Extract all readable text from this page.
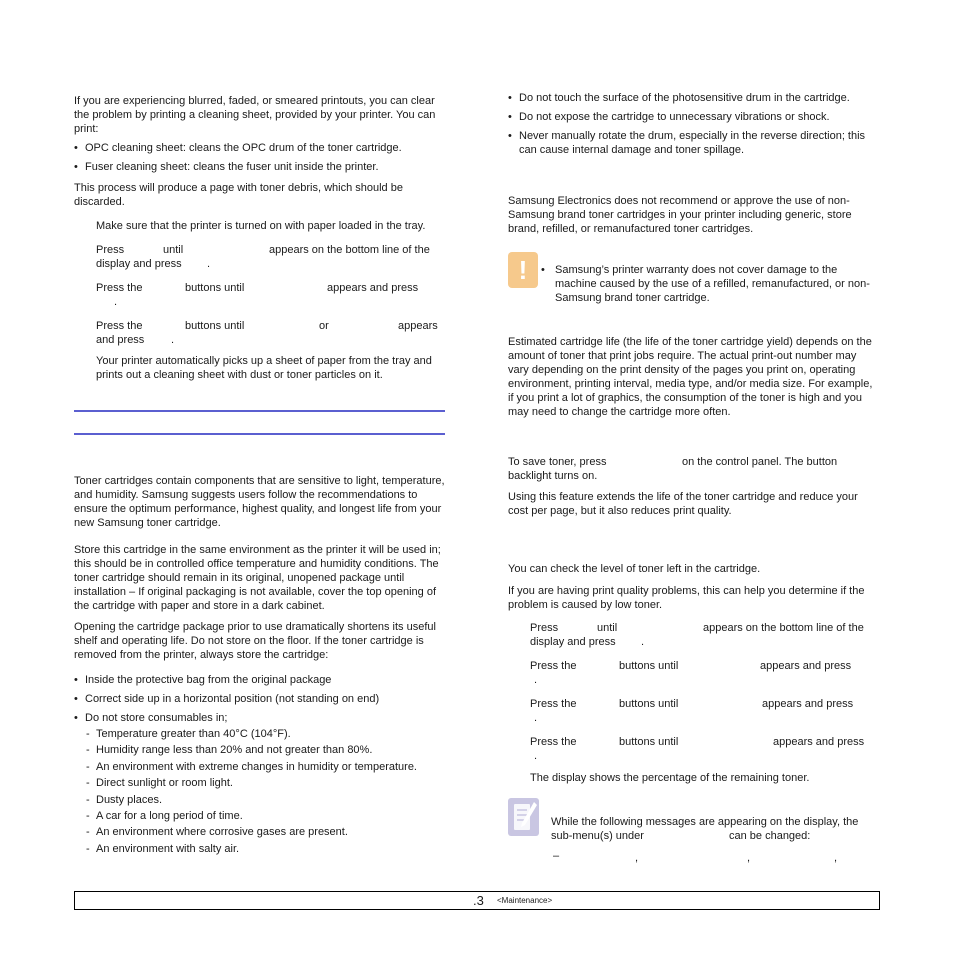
If you are experiencing blurred, faded, or smeared printouts, you can clear the problem by printing a cleaning sheet, provided by your printer. You can print:

• OPC cleaning sheet: cleans the OPC drum of the toner cartridge.
• Fuser cleaning sheet: cleans the fuser unit inside the printer.

This process will produce a page with toner debris, which should be discarded.

Make sure that the printer is turned on with paper loaded in the tray.

Press	until	appears on the bottom line of the
display and press .
Press the	buttons until	appears and press
.
Press the	buttons until	or	appears
and press .

Your printer automatically picks up a sheet of paper from the tray and prints out a cleaning sheet with dust or toner particles on it.

Toner cartridges contain components that are sensitive to light, temperature, and humidity. Samsung suggests users follow the recommendations to ensure the optimum performance, highest quality, and longest life from your new Samsung toner cartridge.

Store this cartridge in the same environment as the printer it will be used in; this should be in controlled office temperature and humidity conditions. The toner cartridge should remain in its original, unopened package until installation – If original packaging is not available, cover the top opening of the cartridge with paper and store in a dark cabinet.

Opening the cartridge package prior to use dramatically shortens its useful shelf and operating life. Do not store on the floor. If the toner cartridge is removed from the printer, always store the cartridge:

• Inside the protective bag from the original package
• Correct side up in a horizontal position (not standing on end)
• Do not store consumables in;
- Temperature greater than 40°C (104°F).
- Humidity range less than 20% and not greater than 80%.
- An environment with extreme changes in humidity or temperature.
- Direct sunlight or room light.
- Dusty places.
- A car for a long period of time.
- An environment where corrosive gases are present.
- An environment with salty air.
• Do not touch the surface of the photosensitive drum in the cartridge.
• Do not expose the cartridge to unnecessary vibrations or shock.
• Never manually rotate the drum, especially in the reverse direction; this can cause internal damage and toner spillage.

Samsung Electronics does not recommend or approve the use of non-Samsung brand toner cartridges in your printer including generic, store brand, refilled, or remanufactured toner cartridges.

!	• Samsung’s printer warranty does not cover damage to the machine caused by the use of a refilled, remanufactured, or non-Samsung brand toner cartridge.

Estimated cartridge life (the life of the toner cartridge yield) depends on the amount of toner that print jobs require. The actual print-out number may vary depending on the print density of the pages you print on, operating environment, printing interval, media type, and/or media size. For example, if you print a lot of graphics, the consumption of the toner is high and you may need to change the cartridge more often.

To save toner, press	on the control panel. The button
backlight turns on.

Using this feature extends the life of the toner cartridge and reduce your cost per page, but it also reduces print quality.

You can check the level of toner left in the cartridge.

If you are having print quality problems, this can help you determine if the problem is caused by low toner.

Press	until	appears on the bottom line of the
display and press .
Press the	buttons until	appears and press
.
Press the	buttons until	appears and press
.
Press the	buttons until	appears and press
.

The display shows the percentage of the remaining toner.

While the following messages are appearing on the display, the
sub-menu(s) under	can be changed:
–	,	,	,
.3 <Maintenance>
